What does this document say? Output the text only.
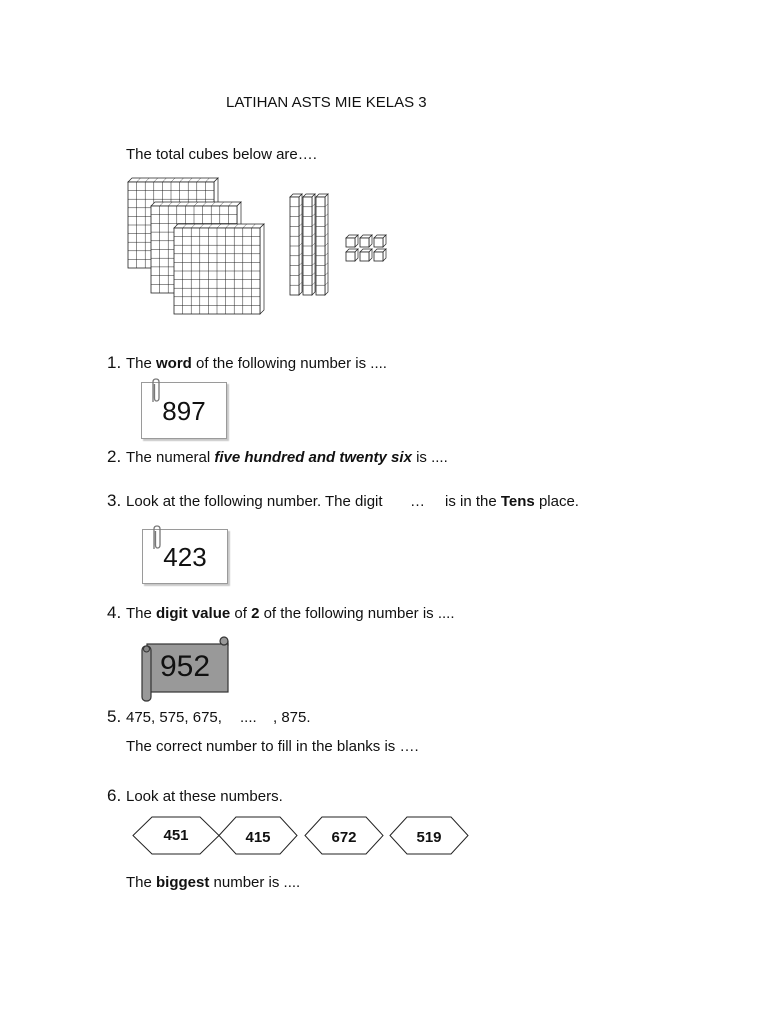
LATIHAN ASTS MIE KELAS 3
The total cubes below are….
1. The word of the following number is ....
897
2. The numeral five hundred and twenty six is ....
3. Look at the following number. The digit … is in the Tens place.
423
4. The digit value of 2 of the following number is ....
952
5. 475, 575, 675, .... , 875.
The correct number to fill in the blanks is ….
6. Look at these numbers.
451	415	672	519
The biggest number is ....
